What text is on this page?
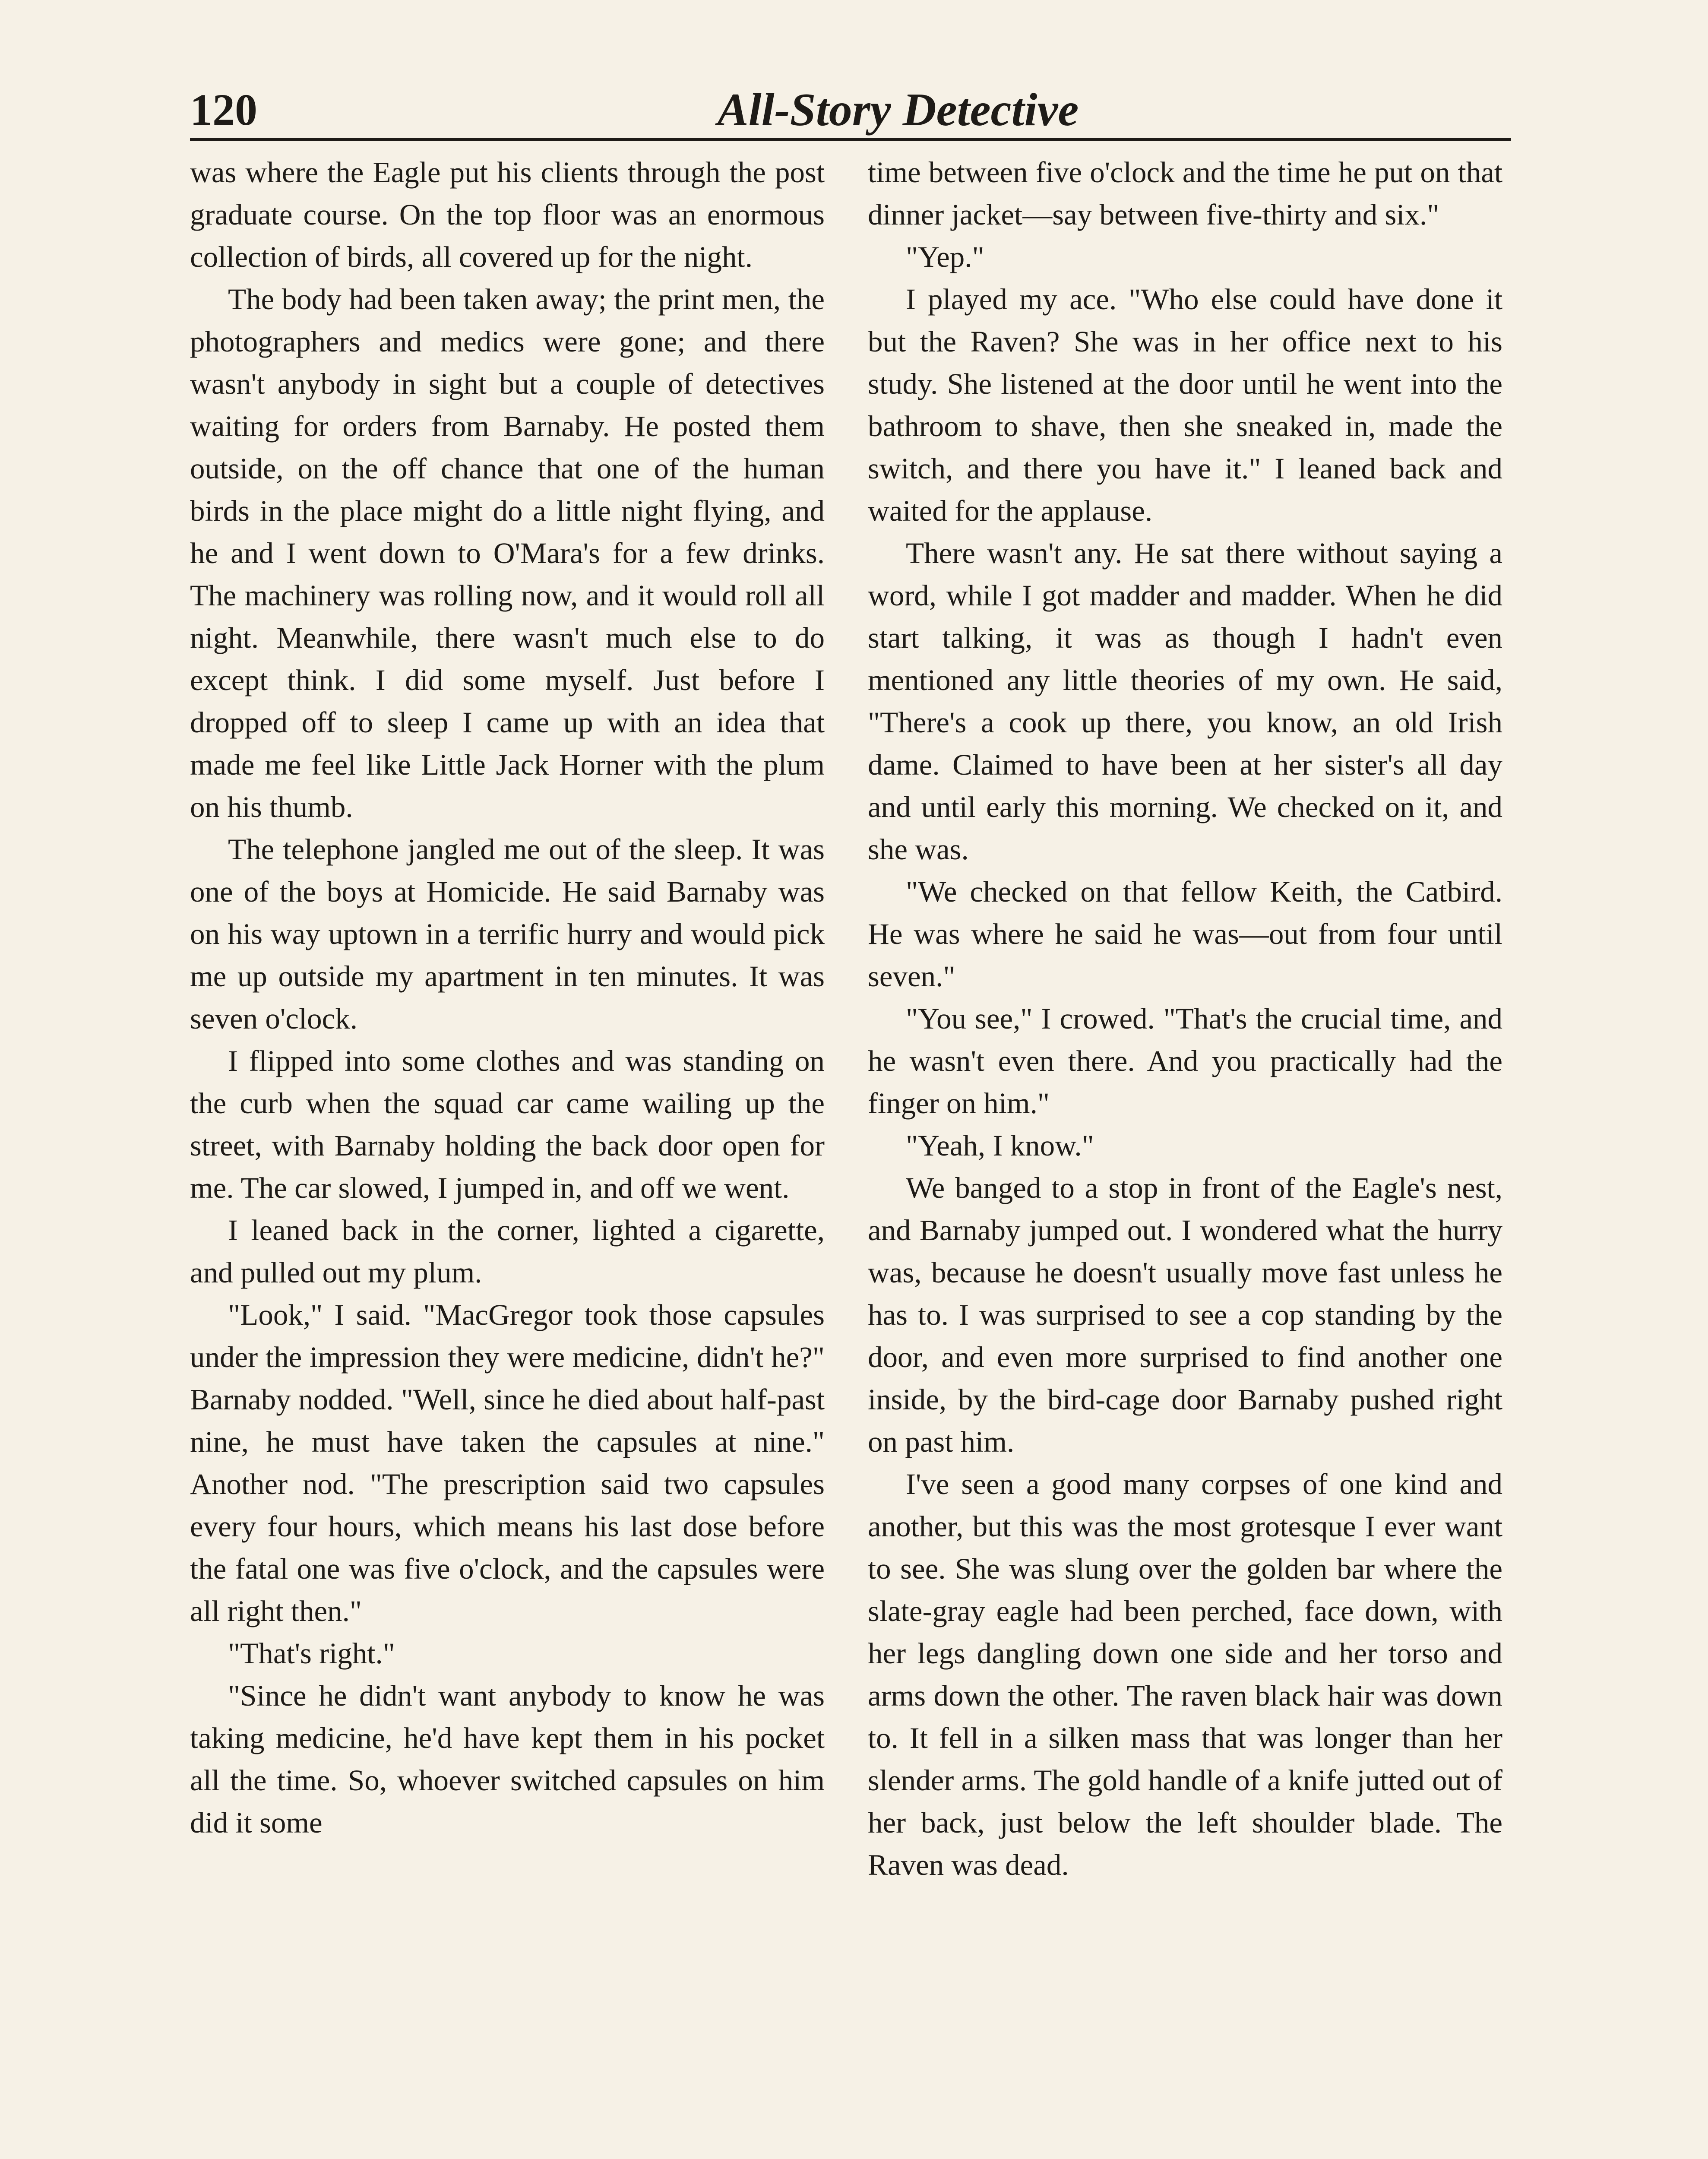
120	All-Story Detective

was where the Eagle put his clients through the post graduate course. On the top floor was an enormous collection of birds, all covered up for the night.

The body had been taken away; the print men, the photographers and medics were gone; and there wasn't anybody in sight but a couple of detectives waiting for orders from Barnaby. He posted them outside, on the off chance that one of the human birds in the place might do a little night flying, and he and I went down to O'Mara's for a few drinks. The machinery was rolling now, and it would roll all night. Meanwhile, there wasn't much else to do except think. I did some myself. Just before I dropped off to sleep I came up with an idea that made me feel like Little Jack Horner with the plum on his thumb.

The telephone jangled me out of the sleep. It was one of the boys at Homicide. He said Barnaby was on his way uptown in a terrific hurry and would pick me up outside my apartment in ten minutes. It was seven o'clock.

I flipped into some clothes and was standing on the curb when the squad car came wailing up the street, with Barnaby holding the back door open for me. The car slowed, I jumped in, and off we went.

I leaned back in the corner, lighted a cigarette, and pulled out my plum.

"Look," I said. "MacGregor took those capsules under the impression they were medicine, didn't he?" Barnaby nodded. "Well, since he died about half-past nine, he must have taken the capsules at nine." Another nod. "The prescription said two capsules every four hours, which means his last dose before the fatal one was five o'clock, and the capsules were all right then."

"That's right."

"Since he didn't want anybody to know he was taking medicine, he'd have kept them in his pocket all the time. So, whoever switched capsules on him did it some

time between five o'clock and the time he put on that dinner jacket—say between five-thirty and six."

"Yep."

I played my ace. "Who else could have done it but the Raven? She was in her office next to his study. She listened at the door until he went into the bathroom to shave, then she sneaked in, made the switch, and there you have it." I leaned back and waited for the applause.

There wasn't any. He sat there without saying a word, while I got madder and madder. When he did start talking, it was as though I hadn't even mentioned any little theories of my own. He said, "There's a cook up there, you know, an old Irish dame. Claimed to have been at her sister's all day and until early this morning. We checked on it, and she was.

"We checked on that fellow Keith, the Catbird. He was where he said he was—out from four until seven."

"You see," I crowed. "That's the crucial time, and he wasn't even there. And you practically had the finger on him."

"Yeah, I know."

We banged to a stop in front of the Eagle's nest, and Barnaby jumped out. I wondered what the hurry was, because he doesn't usually move fast unless he has to. I was surprised to see a cop standing by the door, and even more surprised to find another one inside, by the bird-cage door Barnaby pushed right on past him.

I've seen a good many corpses of one kind and another, but this was the most grotesque I ever want to see. She was slung over the golden bar where the slate-gray eagle had been perched, face down, with her legs dangling down one side and her torso and arms down the other. The raven black hair was down to. It fell in a silken mass that was longer than her slender arms. The gold handle of a knife jutted out of her back, just below the left shoulder blade. The Raven was dead.
